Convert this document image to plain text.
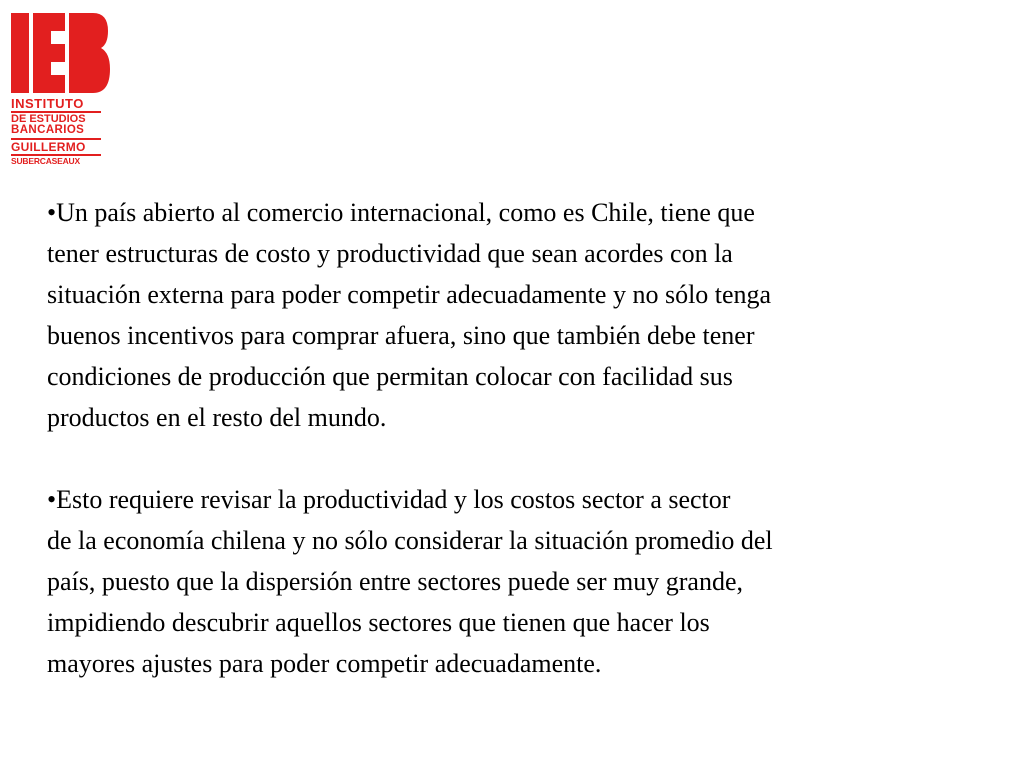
INSTITUTO
DE ESTUDIOS
BANCARIOS
GUILLERMO
SUBERCASEAUX
•Un país abierto al comercio internacional, como es Chile, tiene que
tener estructuras de costo y productividad que sean acordes con la
situación externa para poder competir adecuadamente y no sólo tenga
buenos incentivos para comprar afuera, sino que también debe tener
condiciones de producción que permitan colocar con facilidad sus
productos en el resto del mundo.
•Esto requiere revisar la productividad y los costos sector a sector
de la economía chilena y no sólo considerar la situación promedio del
país, puesto que la dispersión entre sectores puede ser muy grande,
impidiendo descubrir aquellos sectores que tienen que hacer los
mayores ajustes para poder competir adecuadamente.
